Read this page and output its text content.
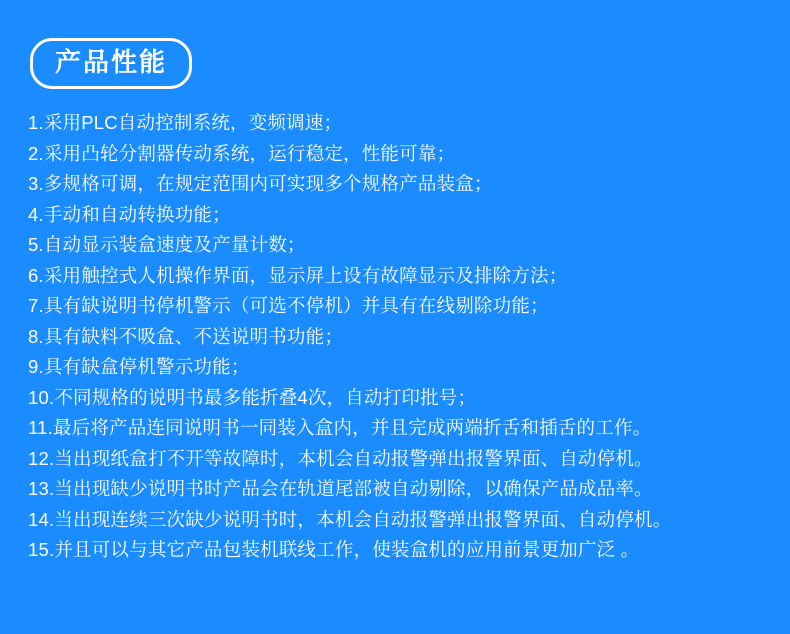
产品性能
1.采用PLC自动控制系统，变频调速；
2.采用凸轮分割器传动系统，运行稳定，性能可靠；
3.多规格可调，在规定范围内可实现多个规格产品装盒；
4.手动和自动转换功能；
5.自动显示装盒速度及产量计数；
6.采用触控式人机操作界面，显示屏上设有故障显示及排除方法；
7.具有缺说明书停机警示（可选不停机）并具有在线剔除功能；
8.具有缺料不吸盒、不送说明书功能；
9.具有缺盒停机警示功能；
10.不同规格的说明书最多能折叠4次，自动打印批号；
11.最后将产品连同说明书一同装入盒内，并且完成两端折舌和插舌的工作。
12.当出现纸盒打不开等故障时，本机会自动报警弹出报警界面、自动停机。
13.当出现缺少说明书时产品会在轨道尾部被自动剔除，以确保产品成品率。
14.当出现连续三次缺少说明书时，本机会自动报警弹出报警界面、自动停机。
15.并且可以与其它产品包装机联线工作，使装盒机的应用前景更加广泛 。
